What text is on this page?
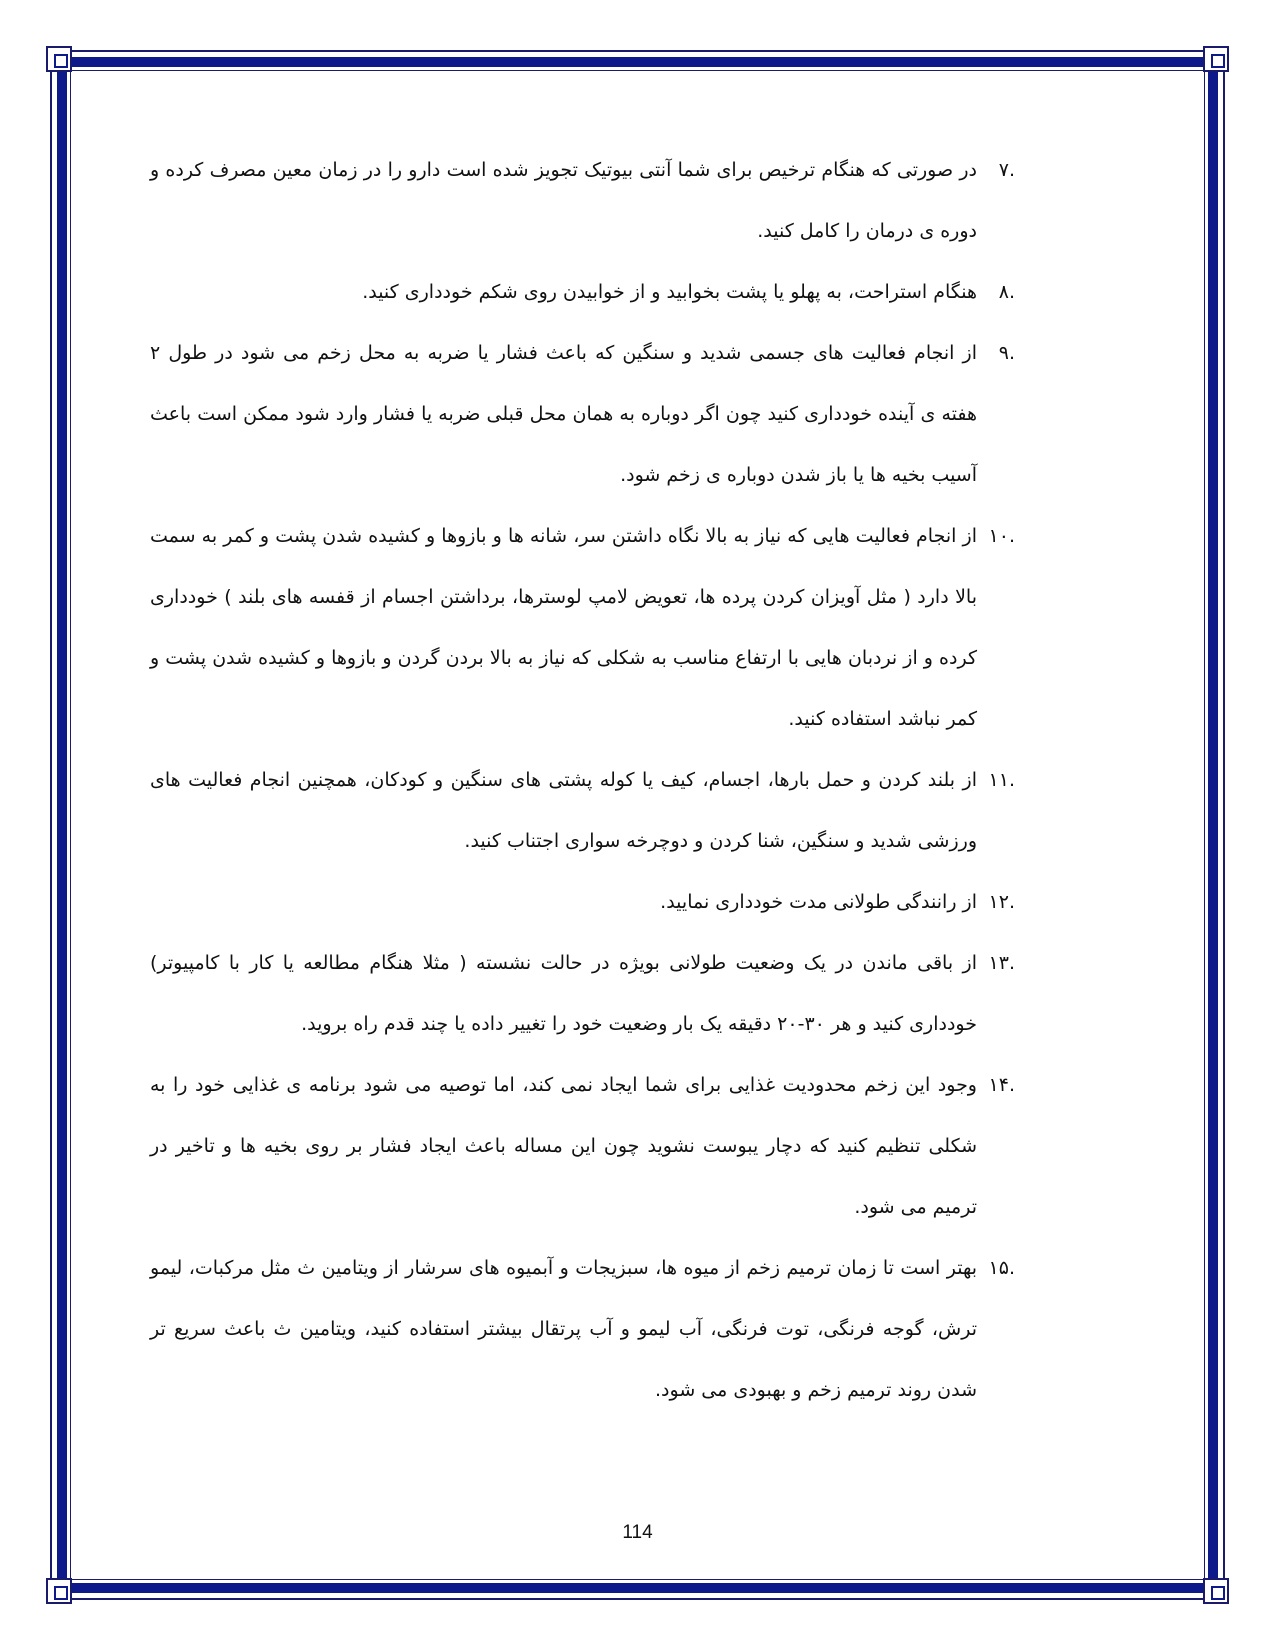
.۷
در صورتی که هنگام ترخیص برای شما آنتی بیوتیک تجویز شده است دارو را در زمان معین مصرف کرده و دوره ی درمان را کامل کنید.
.۸
هنگام استراحت، به پهلو یا پشت بخوابید و از خوابیدن روی شکم خودداری کنید.
.۹
از انجام فعالیت های جسمی شدید و سنگین که باعث فشار یا ضربه به محل زخم می شود در طول ۲ هفته ی آینده خودداری کنید چون اگر دوباره به همان محل قبلی ضربه یا فشار وارد شود ممکن است باعث آسیب بخیه ها یا باز شدن دوباره ی زخم شود.
.۱۰
از انجام فعالیت هایی که نیاز به بالا نگاه داشتن سر، شانه ها و بازوها و کشیده شدن پشت و کمر به سمت بالا دارد ( مثل آویزان کردن پرده ها، تعویض لامپ لوسترها، برداشتن اجسام از قفسه های بلند ) خودداری کرده و از نردبان هایی با ارتفاع مناسب به شکلی که نیاز به بالا بردن گردن و بازوها و کشیده شدن پشت و کمر نباشد استفاده کنید.
.۱۱
از بلند کردن و حمل بارها، اجسام، کیف یا کوله پشتی های سنگین و کودکان، همچنین انجام فعالیت های ورزشی شدید و سنگین، شنا کردن و دوچرخه سواری اجتناب کنید.
.۱۲
از رانندگی طولانی مدت خودداری نمایید.
.۱۳
از باقی ماندن در یک وضعیت طولانی بویژه در حالت نشسته ( مثلا هنگام مطالعه یا کار با کامپیوتر) خودداری کنید و هر ۳۰-۲۰ دقیقه یک بار وضعیت خود را تغییر داده یا چند قدم راه بروید.
.۱۴
وجود این زخم محدودیت غذایی برای شما ایجاد نمی کند، اما توصیه می شود برنامه ی غذایی خود را به شکلی تنظیم کنید که دچار یبوست نشوید چون این مساله باعث ایجاد فشار بر روی بخیه ها و تاخیر در ترمیم می شود.
.۱۵
بهتر است تا زمان ترمیم زخم از میوه ها، سبزیجات و آبمیوه های سرشار از ویتامین ث مثل مرکبات، لیمو ترش، گوجه فرنگی، توت فرنگی، آب لیمو و آب پرتقال بیشتر استفاده کنید، ویتامین ث باعث سریع تر شدن روند ترمیم زخم و بهبودی می شود.
114
